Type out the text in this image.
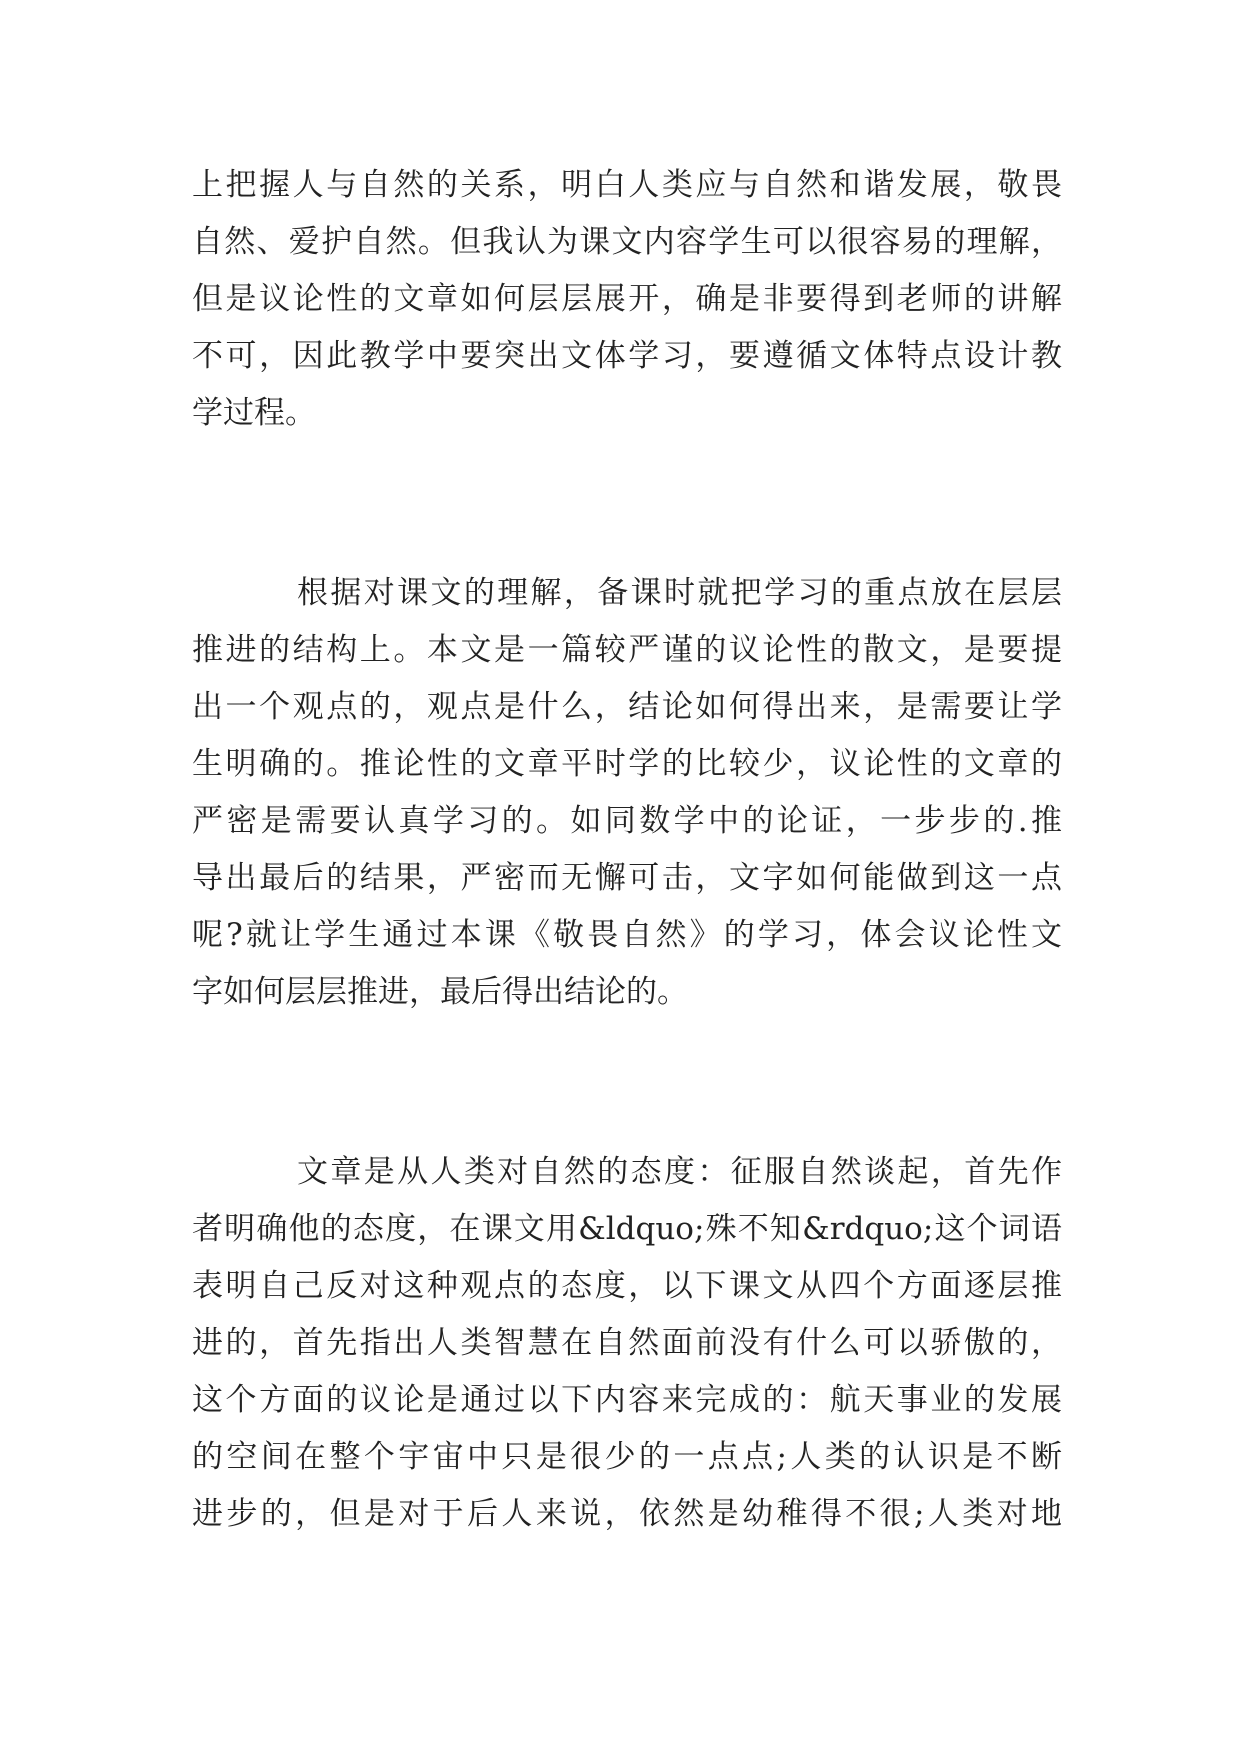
上把握人与自然的关系，明白人类应与自然和谐发展，敬畏
自然、爱护自然。但我认为课文内容学生可以很容易的理解，
但是议论性的文章如何层层展开，确是非要得到老师的讲解
不可，因此教学中要突出文体学习，要遵循文体特点设计教
学过程。
根据对课文的理解，备课时就把学习的重点放在层层
推进的结构上。本文是一篇较严谨的议论性的散文，是要提
出一个观点的，观点是什么，结论如何得出来，是需要让学
生明确的。推论性的文章平时学的比较少，议论性的文章的
严密是需要认真学习的。如同数学中的论证，一步步的.推
导出最后的结果，严密而无懈可击，文字如何能做到这一点
呢?就让学生通过本课《敬畏自然》的学习，体会议论性文
字如何层层推进，最后得出结论的。
文章是从人类对自然的态度：征服自然谈起，首先作
者明确他的态度，在课文用&ldquo;殊不知&rdquo;这个词语
表明自己反对这种观点的态度，以下课文从四个方面逐层推
进的，首先指出人类智慧在自然面前没有什么可以骄傲的，
这个方面的议论是通过以下内容来完成的：航天事业的发展
的空间在整个宇宙中只是很少的一点点;人类的认识是不断
进步的，但是对于后人来说，依然是幼稚得不很;人类对地
